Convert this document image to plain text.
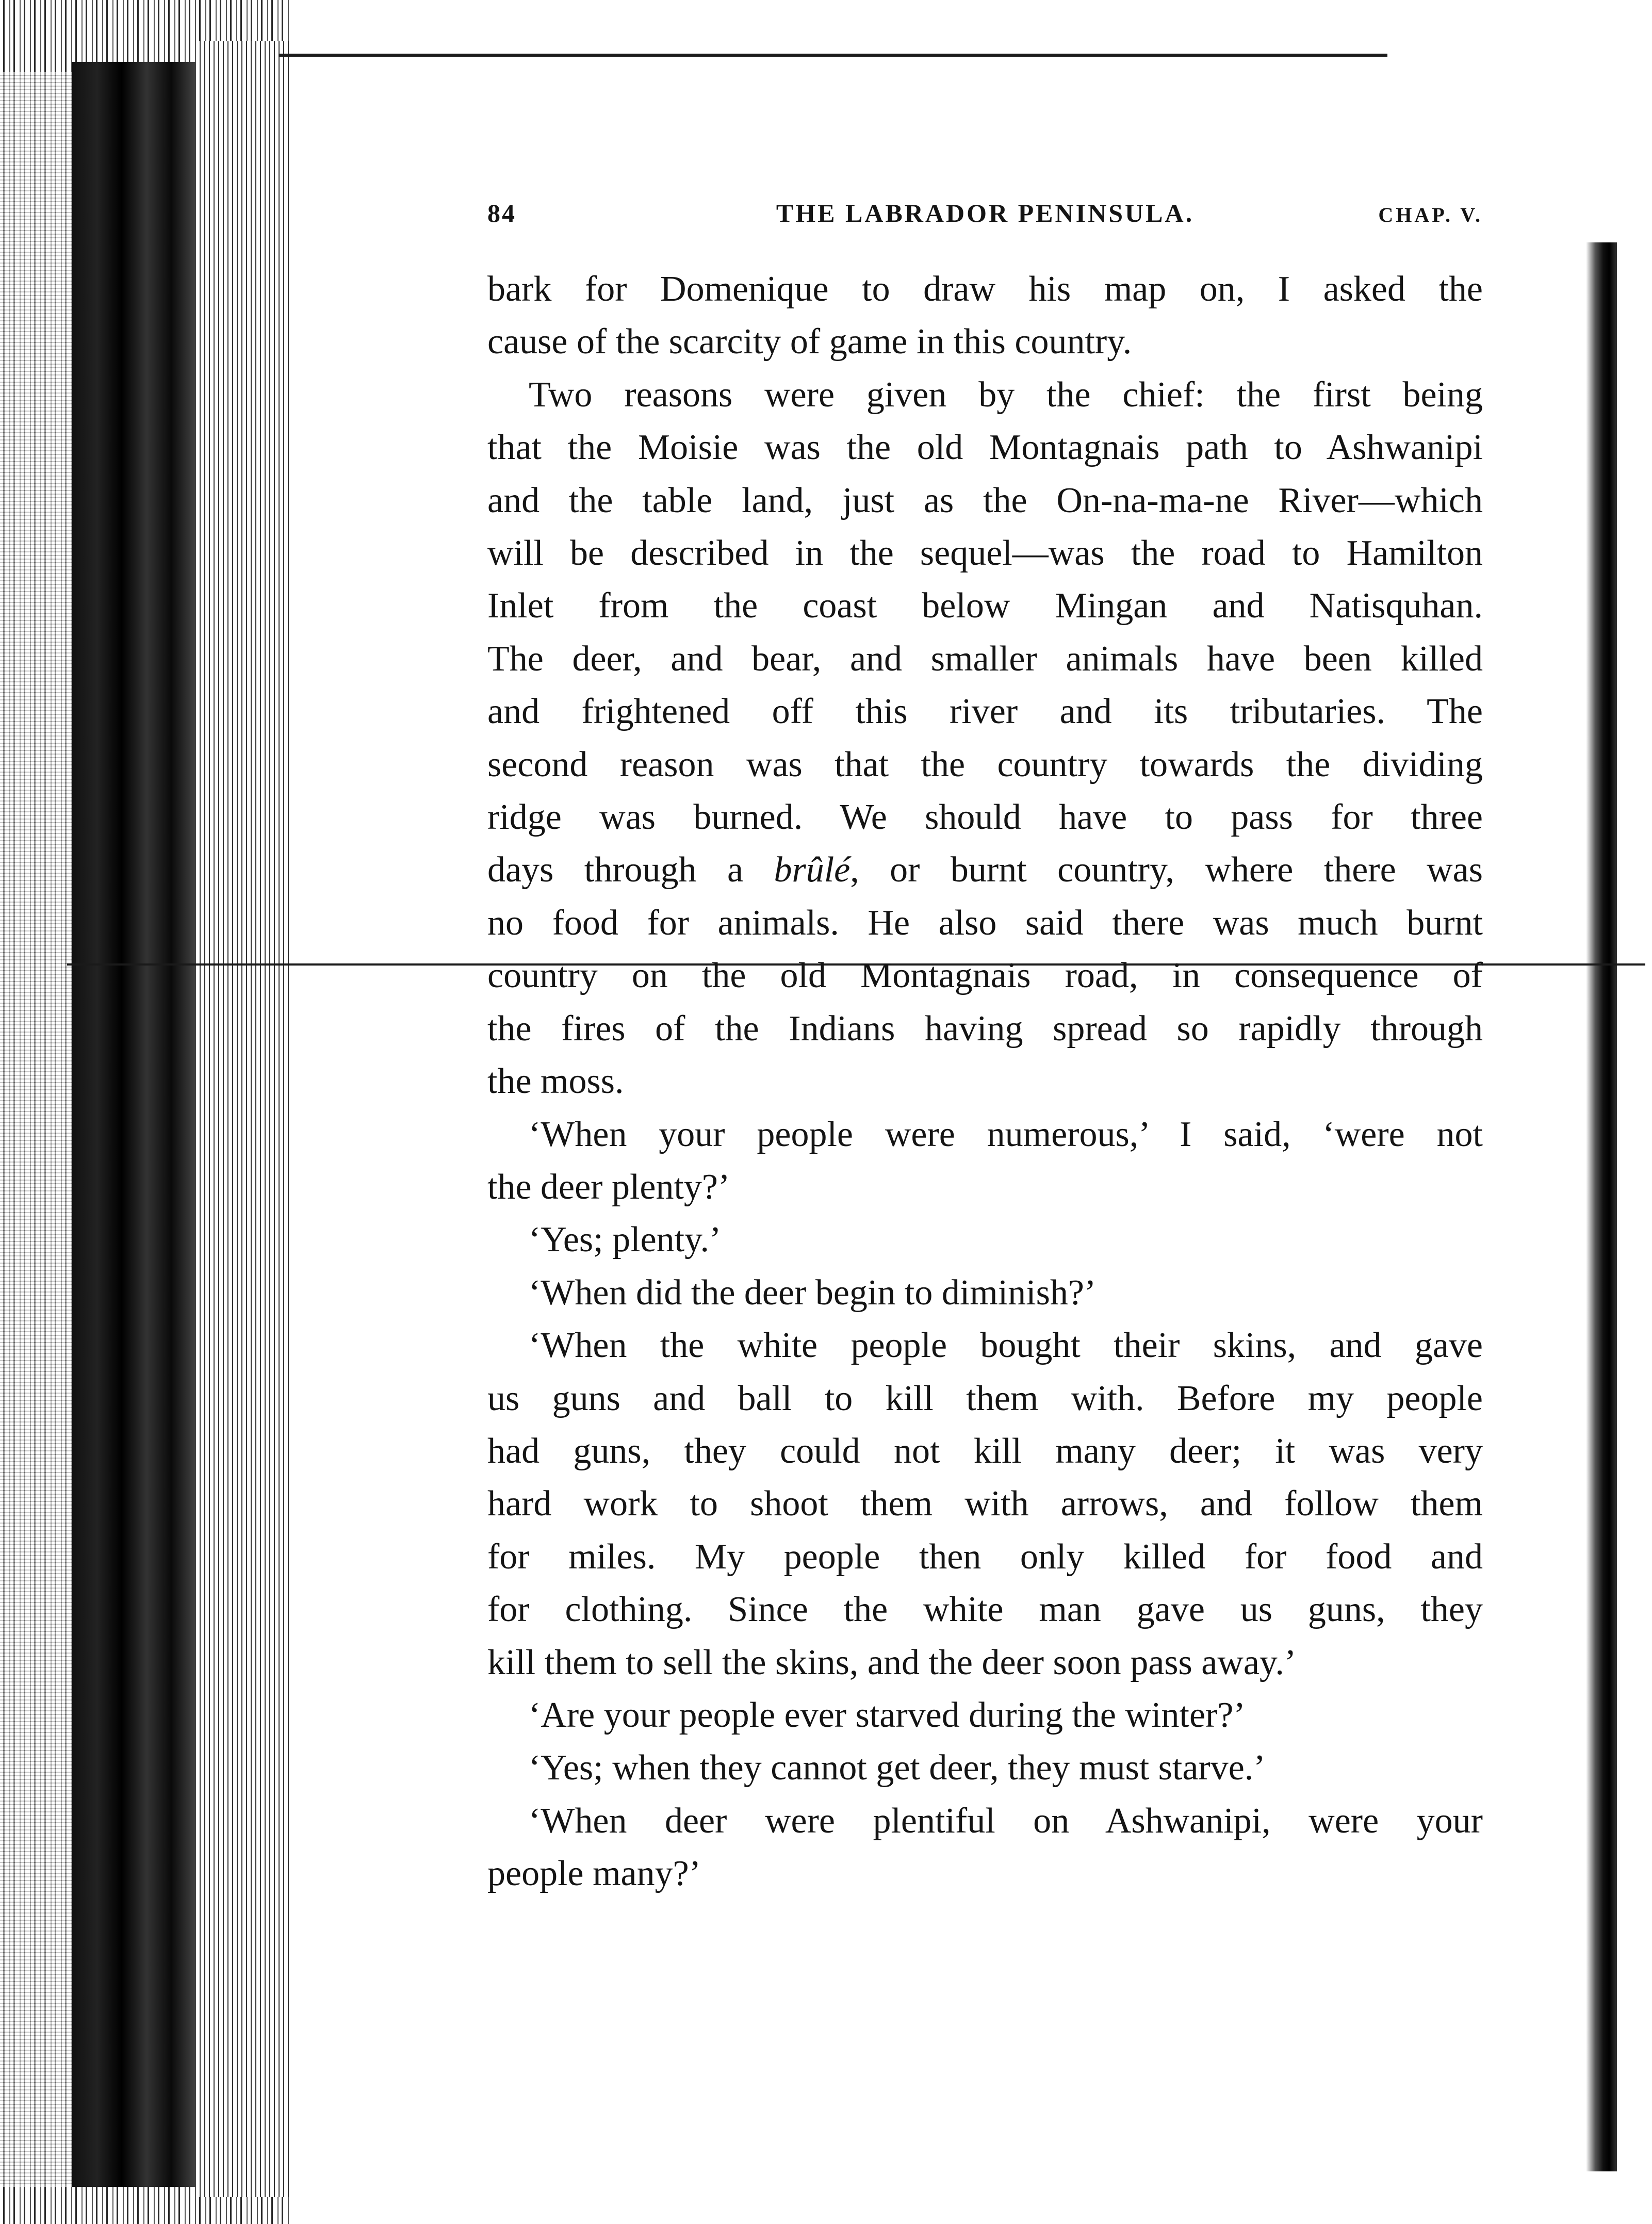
84	THE LABRADOR PENINSULA.	CHAP. V.

bark for Domenique to draw his map on, I asked the

cause of the scarcity of game in this country.

Two reasons were given by the chief: the first being

that the Moisie was the old Montagnais path to Ashwanipi

and the table land, just as the On-na-ma-ne River—which

will be described in the sequel—was the road to Hamilton

Inlet from the coast below Mingan and Natisquhan.

The deer, and bear, and smaller animals have been killed

and frightened off this river and its tributaries. The

second reason was that the country towards the dividing

ridge was burned. We should have to pass for three

days through a brûlé, or burnt country, where there was

no food for animals. He also said there was much burnt

country on the old Montagnais road, in consequence of

the fires of the Indians having spread so rapidly through

the moss.

‘When your people were numerous,’ I said, ‘were not

the deer plenty?’

‘Yes; plenty.’

‘When did the deer begin to diminish?’

‘When the white people bought their skins, and gave

us guns and ball to kill them with. Before my people

had guns, they could not kill many deer; it was very

hard work to shoot them with arrows, and follow them

for miles. My people then only killed for food and

for clothing. Since the white man gave us guns, they

kill them to sell the skins, and the deer soon pass away.’

‘Are your people ever starved during the winter?’

‘Yes; when they cannot get deer, they must starve.’

‘When deer were plentiful on Ashwanipi, were your

people many?’
